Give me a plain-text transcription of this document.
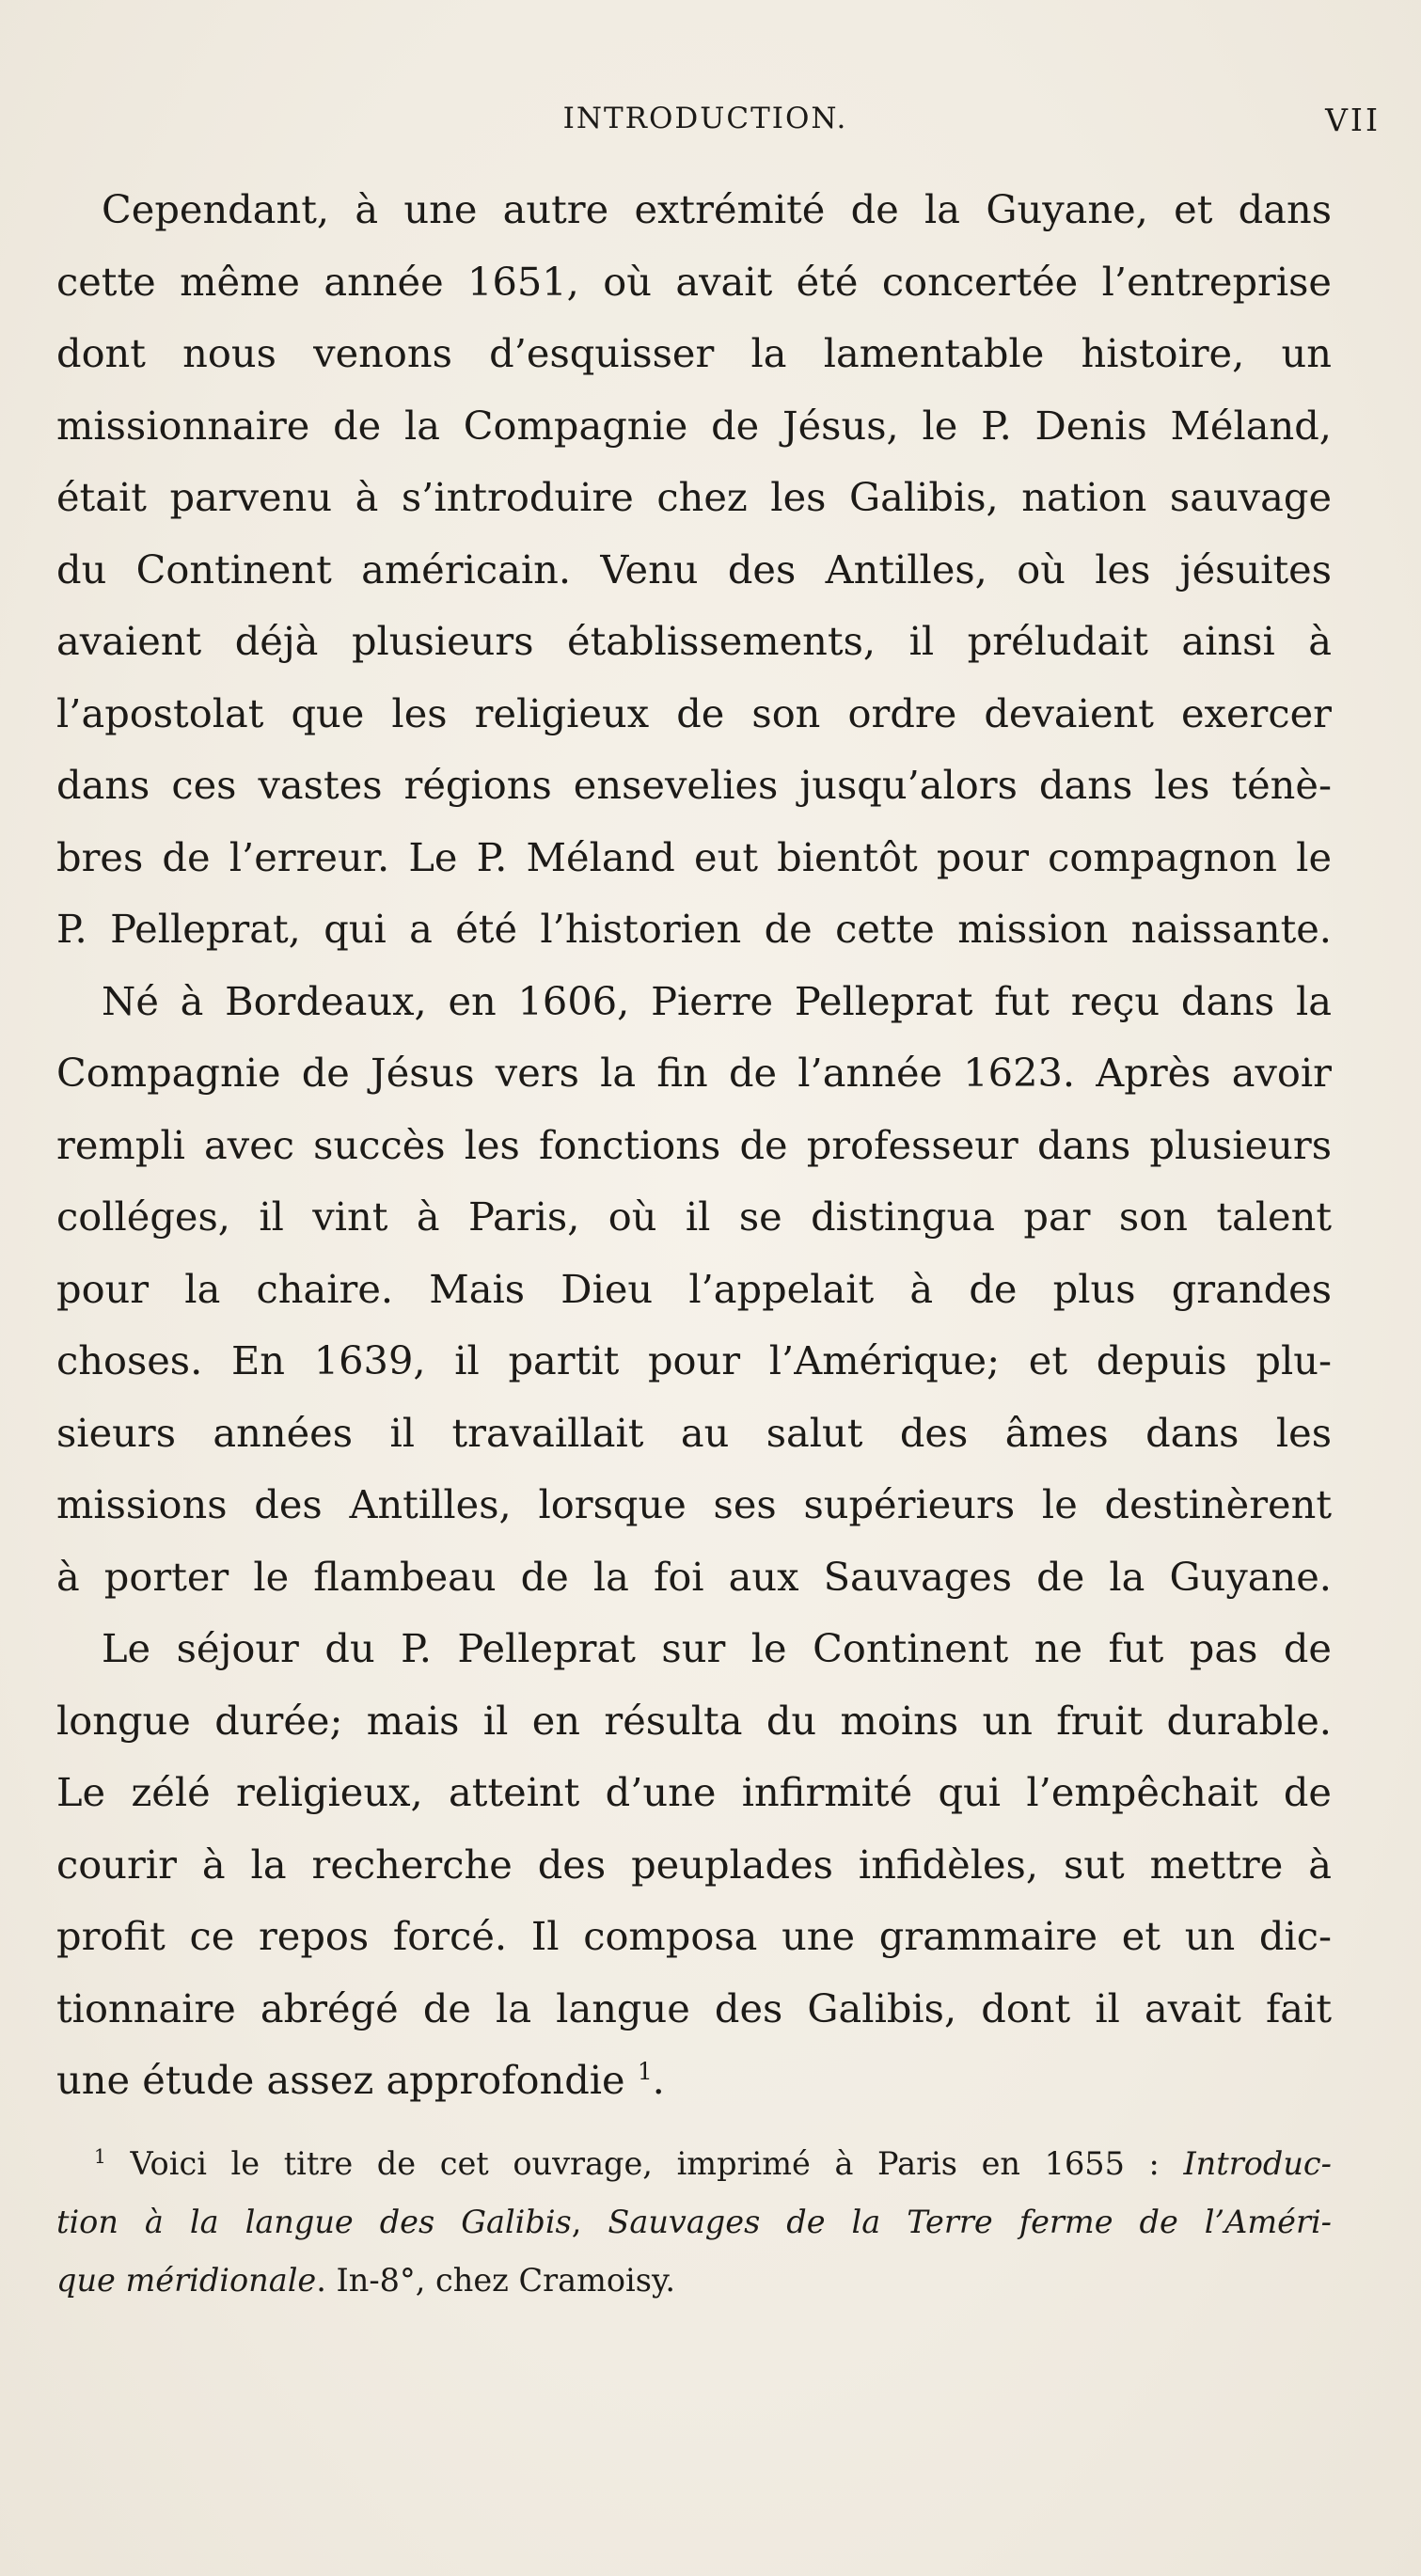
INTRODUCTION.	VII

Cependant, à une autre extrémité de la Guyane, et dans
cette même année 1651, où avait été concertée l’entreprise
dont nous venons d’esquisser la lamentable histoire, un
missionnaire de la Compagnie de Jésus, le P. Denis Méland,
était parvenu à s’introduire chez les Galibis, nation sauvage
du Continent américain. Venu des Antilles, où les jésuites
avaient déjà plusieurs établissements, il préludait ainsi à
l’apostolat que les religieux de son ordre devaient exercer
dans ces vastes régions ensevelies jusqu’alors dans les ténè-
bres de l’erreur. Le P. Méland eut bientôt pour compagnon le
P. Pelleprat, qui a été l’historien de cette mission naissante.

Né à Bordeaux, en 1606, Pierre Pelleprat fut reçu dans la
Compagnie de Jésus vers la fin de l’année 1623. Après avoir
rempli avec succès les fonctions de professeur dans plusieurs
colléges, il vint à Paris, où il se distingua par son talent
pour la chaire. Mais Dieu l’appelait à de plus grandes
choses. En 1639, il partit pour l’Amérique; et depuis plu-
sieurs années il travaillait au salut des âmes dans les
missions des Antilles, lorsque ses supérieurs le destinèrent
à porter le flambeau de la foi aux Sauvages de la Guyane.

Le séjour du P. Pelleprat sur le Continent ne fut pas de
longue durée; mais il en résulta du moins un fruit durable.
Le zélé religieux, atteint d’une infirmité qui l’empêchait de
courir à la recherche des peuplades infidèles, sut mettre à
profit ce repos forcé. Il composa une grammaire et un dic-
tionnaire abrégé de la langue des Galibis, dont il avait fait
une étude assez approfondie $^1$.

$^1$ Voici le titre de cet ouvrage, imprimé à Paris en 1655 : Introduc-
tion à la langue des Galibis, Sauvages de la Terre ferme de l’Améri-
que méridionale. In-8°, chez Cramoisy.
